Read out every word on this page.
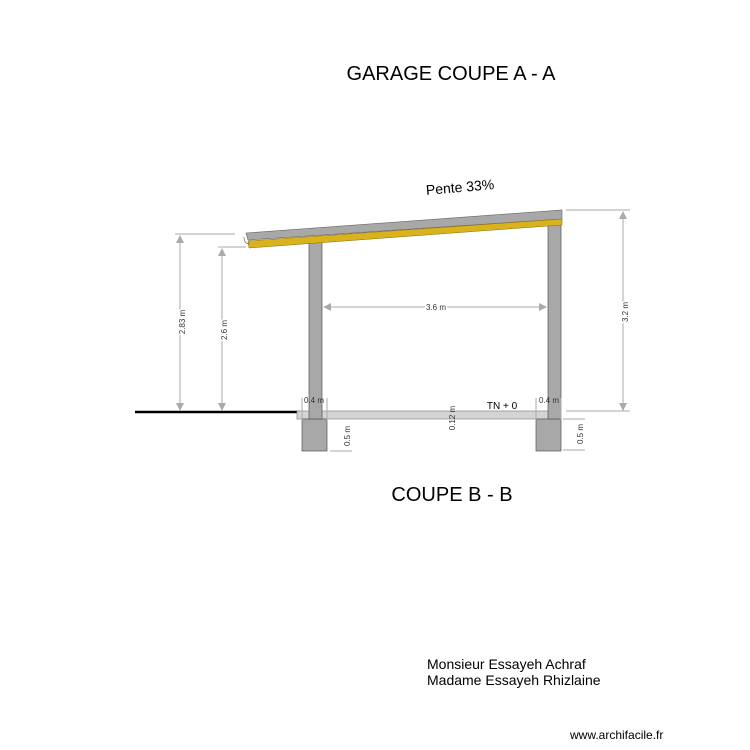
GARAGE COUPE A - A
Pente 33%
2.83 m	2.6 m
3.2 m
3.6 m
0.4 m	0.4 m
0.12 m
0.5 m	0.5 m
TN + 0
COUPE B - B
Monsieur Essayeh Achraf
Madame Essayeh Rhizlaine
www.archifacile.fr
